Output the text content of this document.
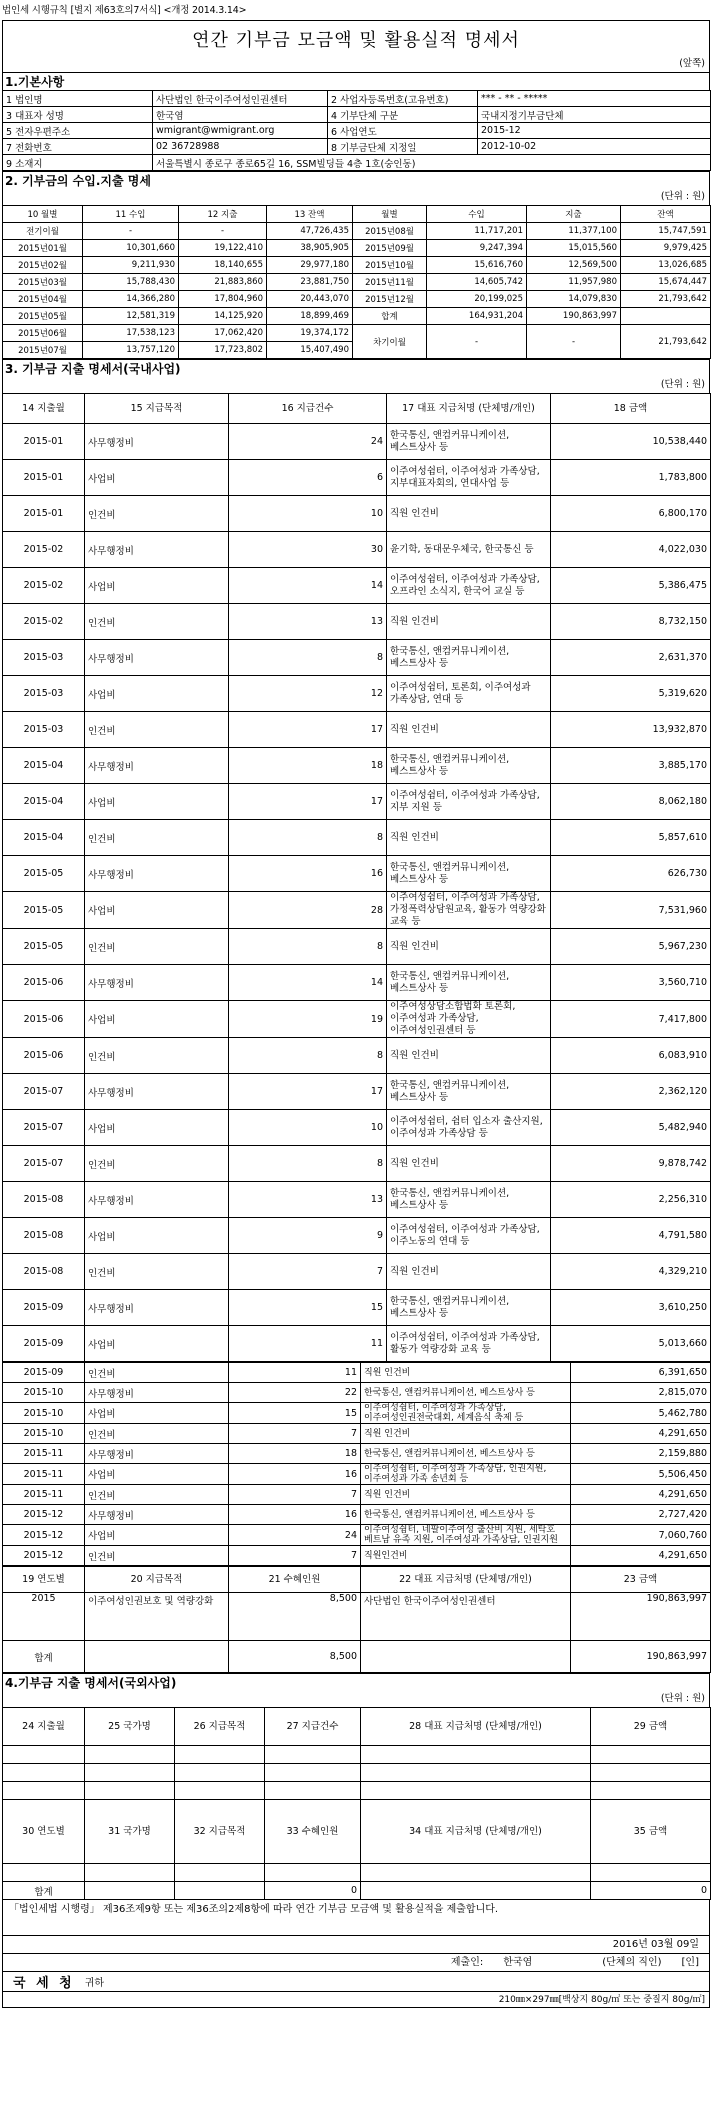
법인세 시행규칙 [별지 제63호의7서식] <개정 2014.3.14>
연간 기부금 모금액 및 활용실적 명세서
(앞쪽)
1.기본사항
1 법인명	사단법인 한국이주여성인권센터	2 사업자등록번호(고유번호)	*** - ** - *****
3 대표자 성명	한국염	4 기부단체 구분	국내지정기부금단체
5 전자우편주소	wmigrant@wmigrant.org	6 사업연도	2015-12
7 전화번호	02 36728988	8 기부금단체 지정일	2012-10-02
9 소재지	서울특별시 종로구 종로65길 16, SSM빌딩들 4층 1호(숭인동)		
2. 기부금의 수입.지출 명세
(단위 : 원)
10 월별	11 수입	12 지출	13 잔액	월별	수입	지출	잔액
전기이월	-	-	47,726,435	2015년08월	11,717,201	11,377,100	15,747,591
2015년01월	10,301,660	19,122,410	38,905,905	2015년09월	9,247,394	15,015,560	9,979,425
2015년02월	9,211,930	18,140,655	29,977,180	2015년10월	15,616,760	12,569,500	13,026,685
2015년03월	15,788,430	21,883,860	23,881,750	2015년11월	14,605,742	11,957,980	15,674,447
2015년04월	14,366,280	17,804,960	20,443,070	2015년12월	20,199,025	14,079,830	21,793,642
2015년05월	12,581,319	14,125,920	18,899,469	합계	164,931,204	190,863,997	
2015년06월	17,538,123	17,062,420	19,374,172	차기이월	-	-	21,793,642
2015년07월	13,757,120	17,723,802	15,407,490				
3. 기부금 지출 명세서(국내사업)
(단위 : 원)
14 지출월	15 지급목적	16 지급건수	17 대표 지급처명 (단체명/개인)	18 금액
2015-01	사무행정비	24	한국통신, 앤컴커뮤니케이션, 베스트상사 등	10,538,440
2015-01	사업비	6	이주여성쉼터, 이주여성과 가족상담, 지부대표자회의, 연대사업 등	1,783,800
2015-01	인건비	10	직원 인건비	6,800,170
2015-02	사무행정비	30	윤기학, 동대문우체국, 한국통신 등	4,022,030
2015-02	사업비	14	이주여성쉼터, 이주여성과 가족상담, 오프라인 소식지, 한국어 교실 등	5,386,475
2015-02	인건비	13	직원 인건비	8,732,150
2015-03	사무행정비	8	한국통신, 앤컴커뮤니케이션, 베스트상사 등	2,631,370
2015-03	사업비	12	이주여성쉼터, 토론회, 이주여성과 가족상담, 연대 등	5,319,620
2015-03	인건비	17	직원 인건비	13,932,870
2015-04	사무행정비	18	한국통신, 앤컴커뮤니케이션, 베스트상사 등	3,885,170
2015-04	사업비	17	이주여성쉼터, 이주여성과 가족상담, 지부 지원 등	8,062,180
2015-04	인건비	8	직원 인건비	5,857,610
2015-05	사무행정비	16	한국통신, 앤컴커뮤니케이션, 베스트상사 등	626,730
2015-05	사업비	28	이주여성쉼터, 이주여성과 가족상담, 가정폭력상담원교육, 활동가 역량강화 교육 등	7,531,960
2015-05	인건비	8	직원 인건비	5,967,230
2015-06	사무행정비	14	한국통신, 앤컴커뮤니케이션, 베스트상사 등	3,560,710
2015-06	사업비	19	이주여성상담소합법화 토론회, 이주여성과 가족상담, 이주여성인권센터 등	7,417,800
2015-06	인건비	8	직원 인건비	6,083,910
2015-07	사무행정비	17	한국통신, 앤컴커뮤니케이션, 베스트상사 등	2,362,120
2015-07	사업비	10	이주여성쉼터, 쉼터 입소자 출산지원, 이주여성과 가족상담 등	5,482,940
2015-07	인건비	8	직원 인건비	9,878,742
2015-08	사무행정비	13	한국통신, 앤컴커뮤니케이션, 베스트상사 등	2,256,310
2015-08	사업비	9	이주여성쉼터, 이주여성과 가족상담, 이주노동의 연대 등	4,791,580
2015-08	인건비	7	직원 인건비	4,329,210
2015-09	사무행정비	15	한국통신, 앤컴커뮤니케이션, 베스트상사 등	3,610,250
2015-09	사업비	11	이주여성쉼터, 이주여성과 가족상담, 활동가 역량강화 교육 등	5,013,660
2015-09	인건비	11	직원 인건비	6,391,650
2015-10	사무행정비	22	한국통신, 앤컴커뮤니케이션, 베스트상사 등	2,815,070
2015-10	사업비	15	이주여성쉼터, 이주여성과 가족상담, 이주여성인권전국대회, 세계음식 축제 등	5,462,780
2015-10	인건비	7	직원 인건비	4,291,650
2015-11	사무행정비	18	한국통신, 앤컴커뮤니케이션, 베스트상사 등	2,159,880
2015-11	사업비	16	이주여성쉼터, 이주여성과 가족상담, 인권지원, 이주여성과 가족 송년회 등	5,506,450
2015-11	인건비	7	직원 인건비	4,291,650
2015-12	사무행정비	16	한국통신, 앤컴커뮤니케이션, 베스트상사 등	2,727,420
2015-12	사업비	24	이주여성쉼터, 네팔이주여성 출산비 지원, 세탁호 베트남 유족 지원, 이주여성과 가족상담, 인권지원	7,060,760
2015-12	인건비	7	직원인건비	4,291,650
19 연도별	20 지급목적	21 수혜인원	22 대표 지급처명 (단체명/개인)	23 금액
2015	이주여성인권보호 및 역량강화	8,500	사단법인 한국이주여성인권센터	190,863,997
합계		8,500		190,863,997
4.기부금 지출 명세서(국외사업)
(단위 : 원)
24 지출월	25 국가명	26 지급목적	27 지급건수	28 대표 지급처명 (단체명/개인)	29 금액

30 연도별	31 국가명	32 지급목적	33 수혜인원	34 대표 지급처명 (단체명/개인)	35 금액

합계			0		0
「법인세법 시행령」 제36조제9항 또는 제36조의2제8항에 따라 연간 기부금 모금액 및 활용실적을 제출합니다.
2016년 03월 09일
제출인:	한국염	(단체의 직인)	[인]
국 세 청	귀하
210㎜×297㎜[백상지 80g/㎡ 또는 중질지 80g/㎡]
